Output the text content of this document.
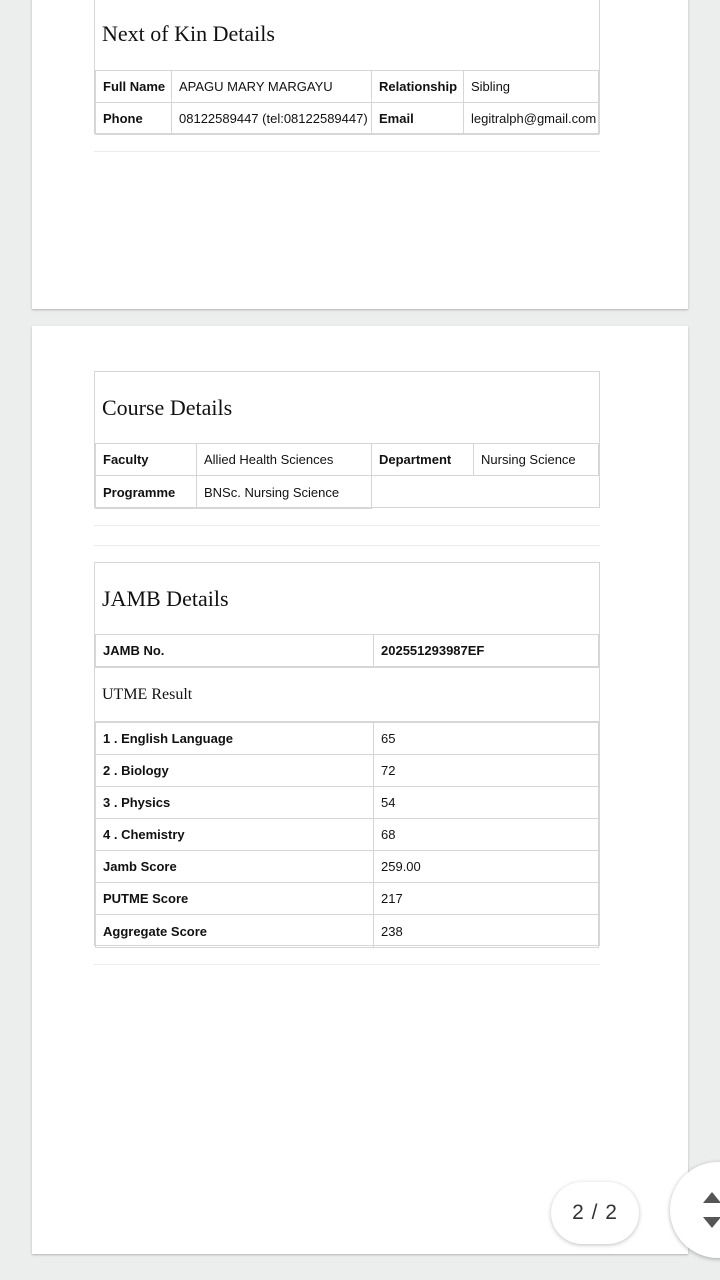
Next of Kin Details
Full Name	APAGU MARY MARGAYU	Relationship	Sibling
Phone	08122589447 (tel:08122589447)	Email	legitralph@gmail.com
Course Details
Faculty	Allied Health Sciences	Department	Nursing Science
Programme	BNSc. Nursing Science		
JAMB Details
JAMB No.	202551293987EF
UTME Result
1 . English Language	65
2 . Biology	72
3 . Physics	54
4 . Chemistry	68
Jamb Score	259.00
PUTME Score	217
Aggregate Score	238
2 / 2
